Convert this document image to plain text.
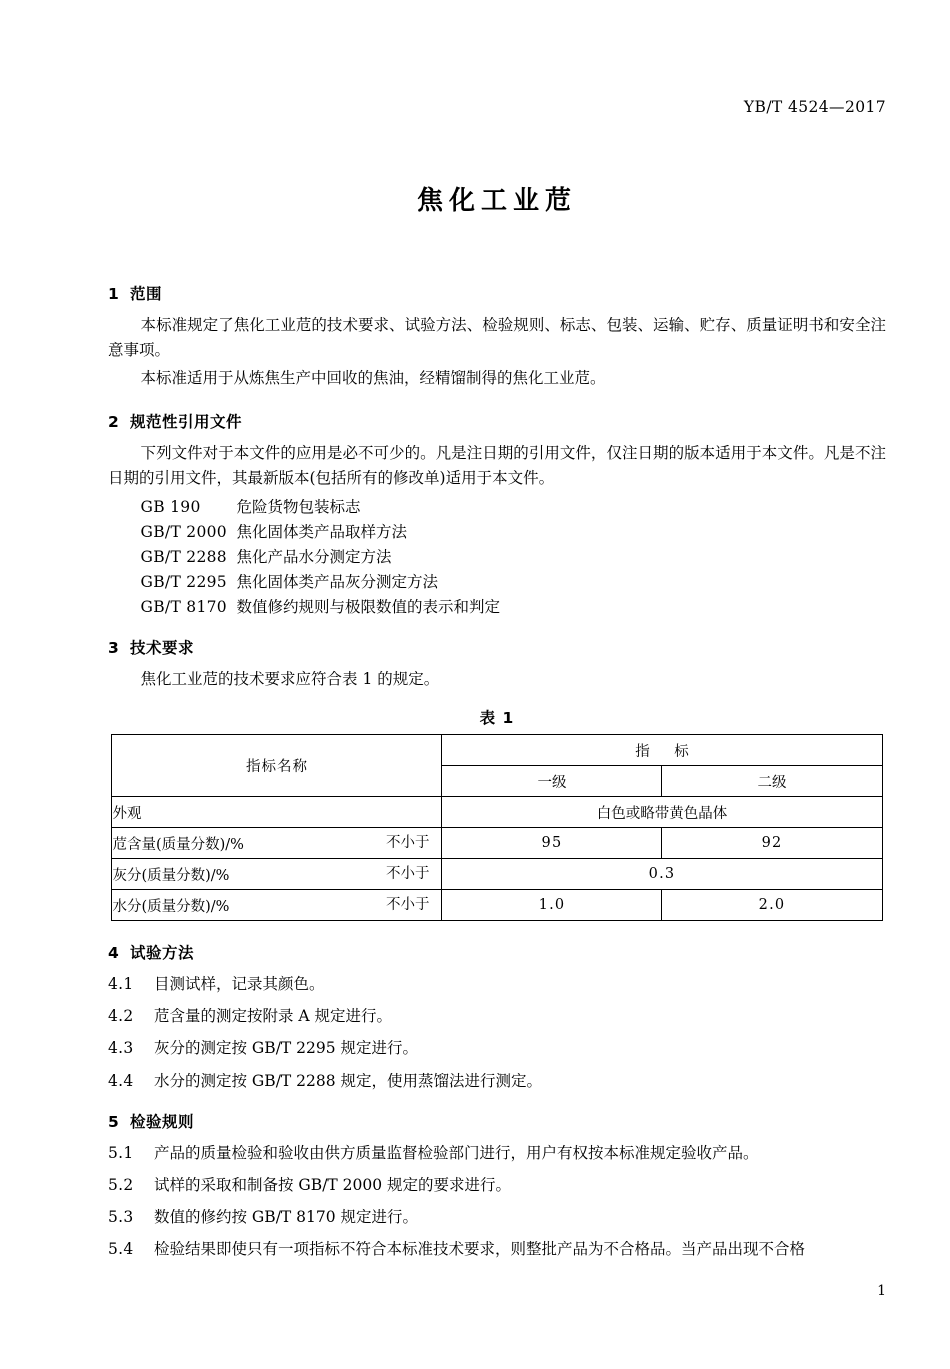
YB/T 4524—2017
焦化工业苊
1 范围

本标准规定了焦化工业苊的技术要求、试验方法、检验规则、标志、包装、运输、贮存、质量证明书和安全注意事项。

本标准适用于从炼焦生产中回收的焦油，经精馏制得的焦化工业苊。

2 规范性引用文件

下列文件对于本文件的应用是必不可少的。凡是注日期的引用文件，仅注日期的版本适用于本文件。凡是不注日期的引用文件，其最新版本(包括所有的修改单)适用于本文件。

GB 190 危险货物包装标志

GB/T 2000 焦化固体类产品取样方法

GB/T 2288 焦化产品水分测定方法

GB/T 2295 焦化固体类产品灰分测定方法

GB/T 8170 数值修约规则与极限数值的表示和判定

3 技术要求

焦化工业苊的技术要求应符合表 1 的规定。

表 1
指标名称	指 标	
	一级	二级
外观	白色或略带黄色晶体	
苊含量(质量分数)/% 不小于	95	92
灰分(质量分数)/% 不小于	0.3	
水分(质量分数)/% 不小于	1.0	2.0
4 试验方法
4.1	目测试样，记录其颜色。
4.2	苊含量的测定按附录 A 规定进行。
4.3	灰分的测定按 GB/T 2295 规定进行。
4.4	水分的测定按 GB/T 2288 规定，使用蒸馏法进行测定。
5 检验规则
5.1	产品的质量检验和验收由供方质量监督检验部门进行，用户有权按本标准规定验收产品。
5.2	试样的采取和制备按 GB/T 2000 规定的要求进行。
5.3	数值的修约按 GB/T 8170 规定进行。
5.4	检验结果即使只有一项指标不符合本标准技术要求，则整批产品为不合格品。当产品出现不合格
1
